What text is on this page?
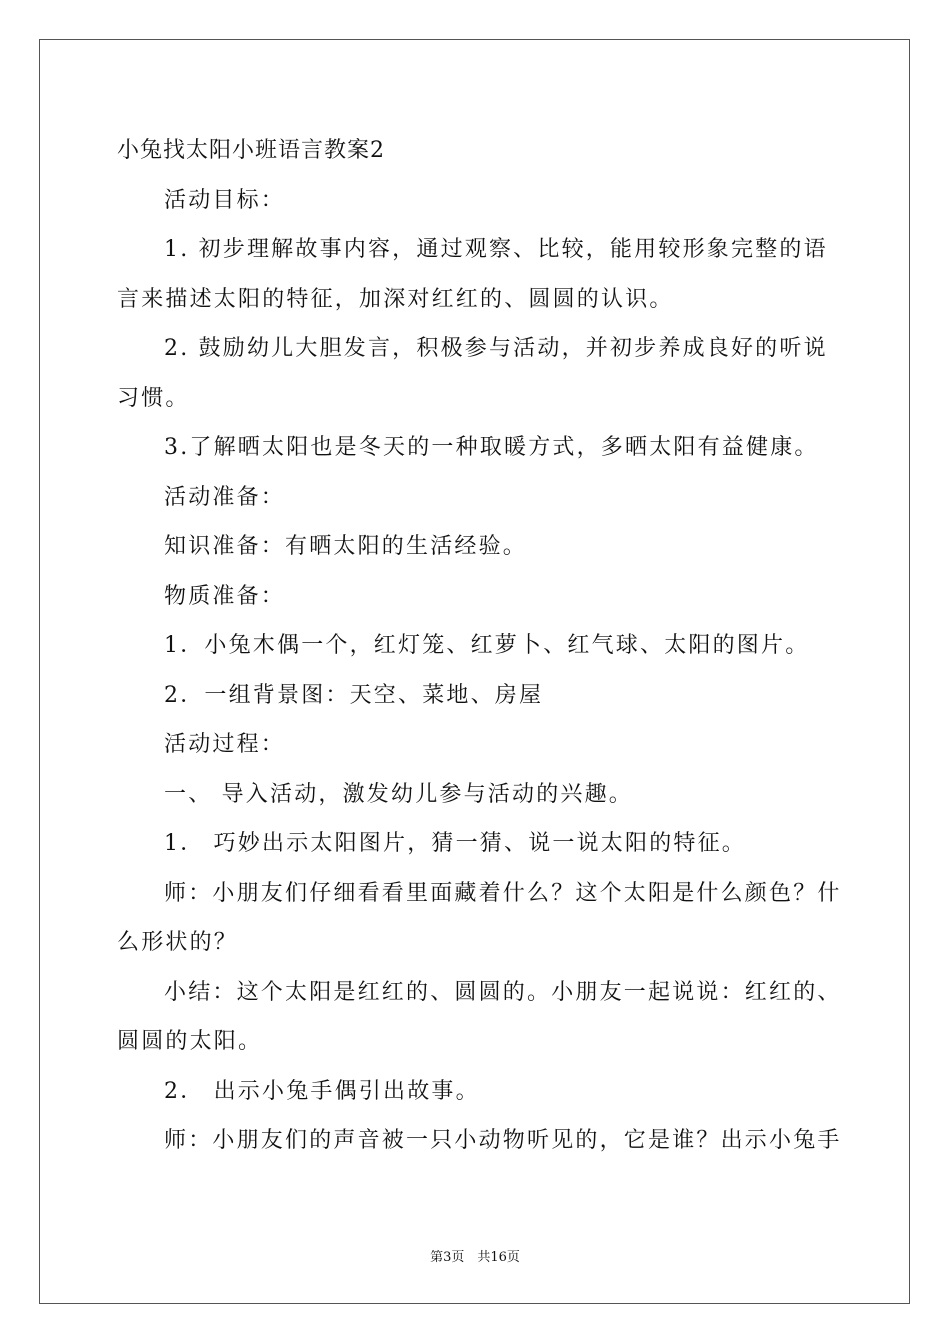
小兔找太阳小班语言教案2

活动目标：

1. 初步理解故事内容，通过观察、比较，能用较形象完整的语

言来描述太阳的特征，加深对红红的、圆圆的认识。

2. 鼓励幼儿大胆发言，积极参与活动，并初步养成良好的听说

习惯。

3.了解晒太阳也是冬天的一种取暖方式，多晒太阳有益健康。

活动准备：

知识准备：有晒太阳的生活经验。

物质准备：

1．小兔木偶一个，红灯笼、红萝卜、红气球、太阳的图片。

2．一组背景图：天空、菜地、房屋

活动过程：

一、 导入活动，激发幼儿参与活动的兴趣。

1． 巧妙出示太阳图片，猜一猜、说一说太阳的特征。

师：小朋友们仔细看看里面藏着什么？这个太阳是什么颜色？什

么形状的？

小结：这个太阳是红红的、圆圆的。小朋友一起说说：红红的、

圆圆的太阳。

2． 出示小兔手偶引出故事。

师：小朋友们的声音被一只小动物听见的，它是谁？出示小兔手

第3页　共16页
